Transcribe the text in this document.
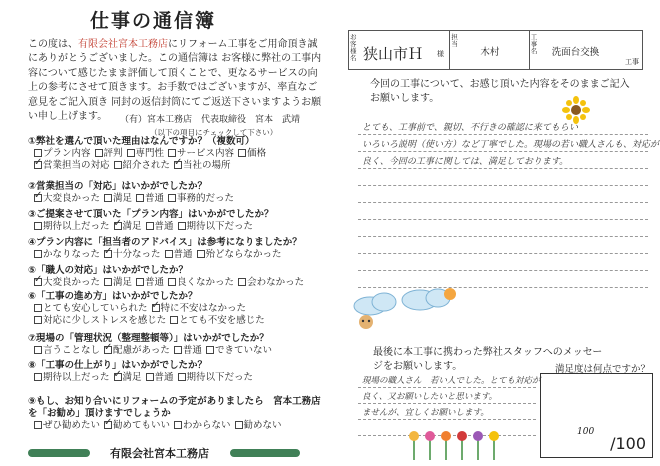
仕事の通信簿
この度は、有限会社宮本工務店にリフォーム工事をご用命頂き誠にありがとうございました。この通信簿は お客様に弊社の工事内容について感じたまま評価して頂くことで、更なるサービスの向上の参考にさせて頂きます。お手数ではございますが、率直なご意見をご記入頂き 同封の返信封筒にてご返送下さいますようお願い申し上げます。	（有）宮本工務店　代表取締役　宮本　武靖
（以下の項目にチェックして下さい）
①弊社を選んで頂いた理由はなんですか？（複数可）
プラン内容	評判	専門性	サービス内容	価格
✓営業担当の対応	紹介された ✓	当社の場所
②営業担当の「対応」はいかがでしたか？
✓大変良かった	満足	普通	事務的だった
③ご提案させて頂いた「プラン内容」はいかがでしたか？
期待以上だった ✓	満足	普通	期待以下だった
④プラン内容に「担当者のアドバイス」は参考になりましたか？
かなりなった ✓	十分なった	普通	殆どならなかった
⑤「職人の対応」はいかがでしたか？
✓大変良かった	満足	普通	良くなかった	会わなかった
⑥「工事の進め方」はいかがでしたか？
とても安心していられた ✓	特に不安はなかった
対応に少しストレスを感じた	とても不安を感じた
⑦現場の「管理状況（整理整頓等）」はいかがでしたか？
言うことなし ✓	配慮があった	普通	できていない
⑧「工事の仕上がり」はいかがでしたか？
期待以上だった ✓	満足	普通	期待以下だった
⑨もし、お知り合いにリフォームの予定がありましたら　宮本工務店を「お勧め」頂けますでしょうか
ぜひ勧めたい ✓	勧めてもいい	わからない	勧めない
有限会社宮本工務店
お客様名 狭山市Ｈ 様
担当
木村
工事名 洗面台交換
工事
今回の工事について、お感じ頂いた内容をそのままご記入お願いします。
とても、工事前で、親切、不行きの確認に来てもらい
いろいろ説明（使い方）など丁寧でした。現場の若い職人さんも、対応が
良く、今回の工事に関しては、満足しております。
最後に本工事に携わった弊社スタッフへのメッセージをお願いします。	満足度は何点ですか？
現場の職人さん　若い人でした。とても対応が
良く、又お願いしたいと思います。
ませんが、宜しくお願いします。
100
/100
